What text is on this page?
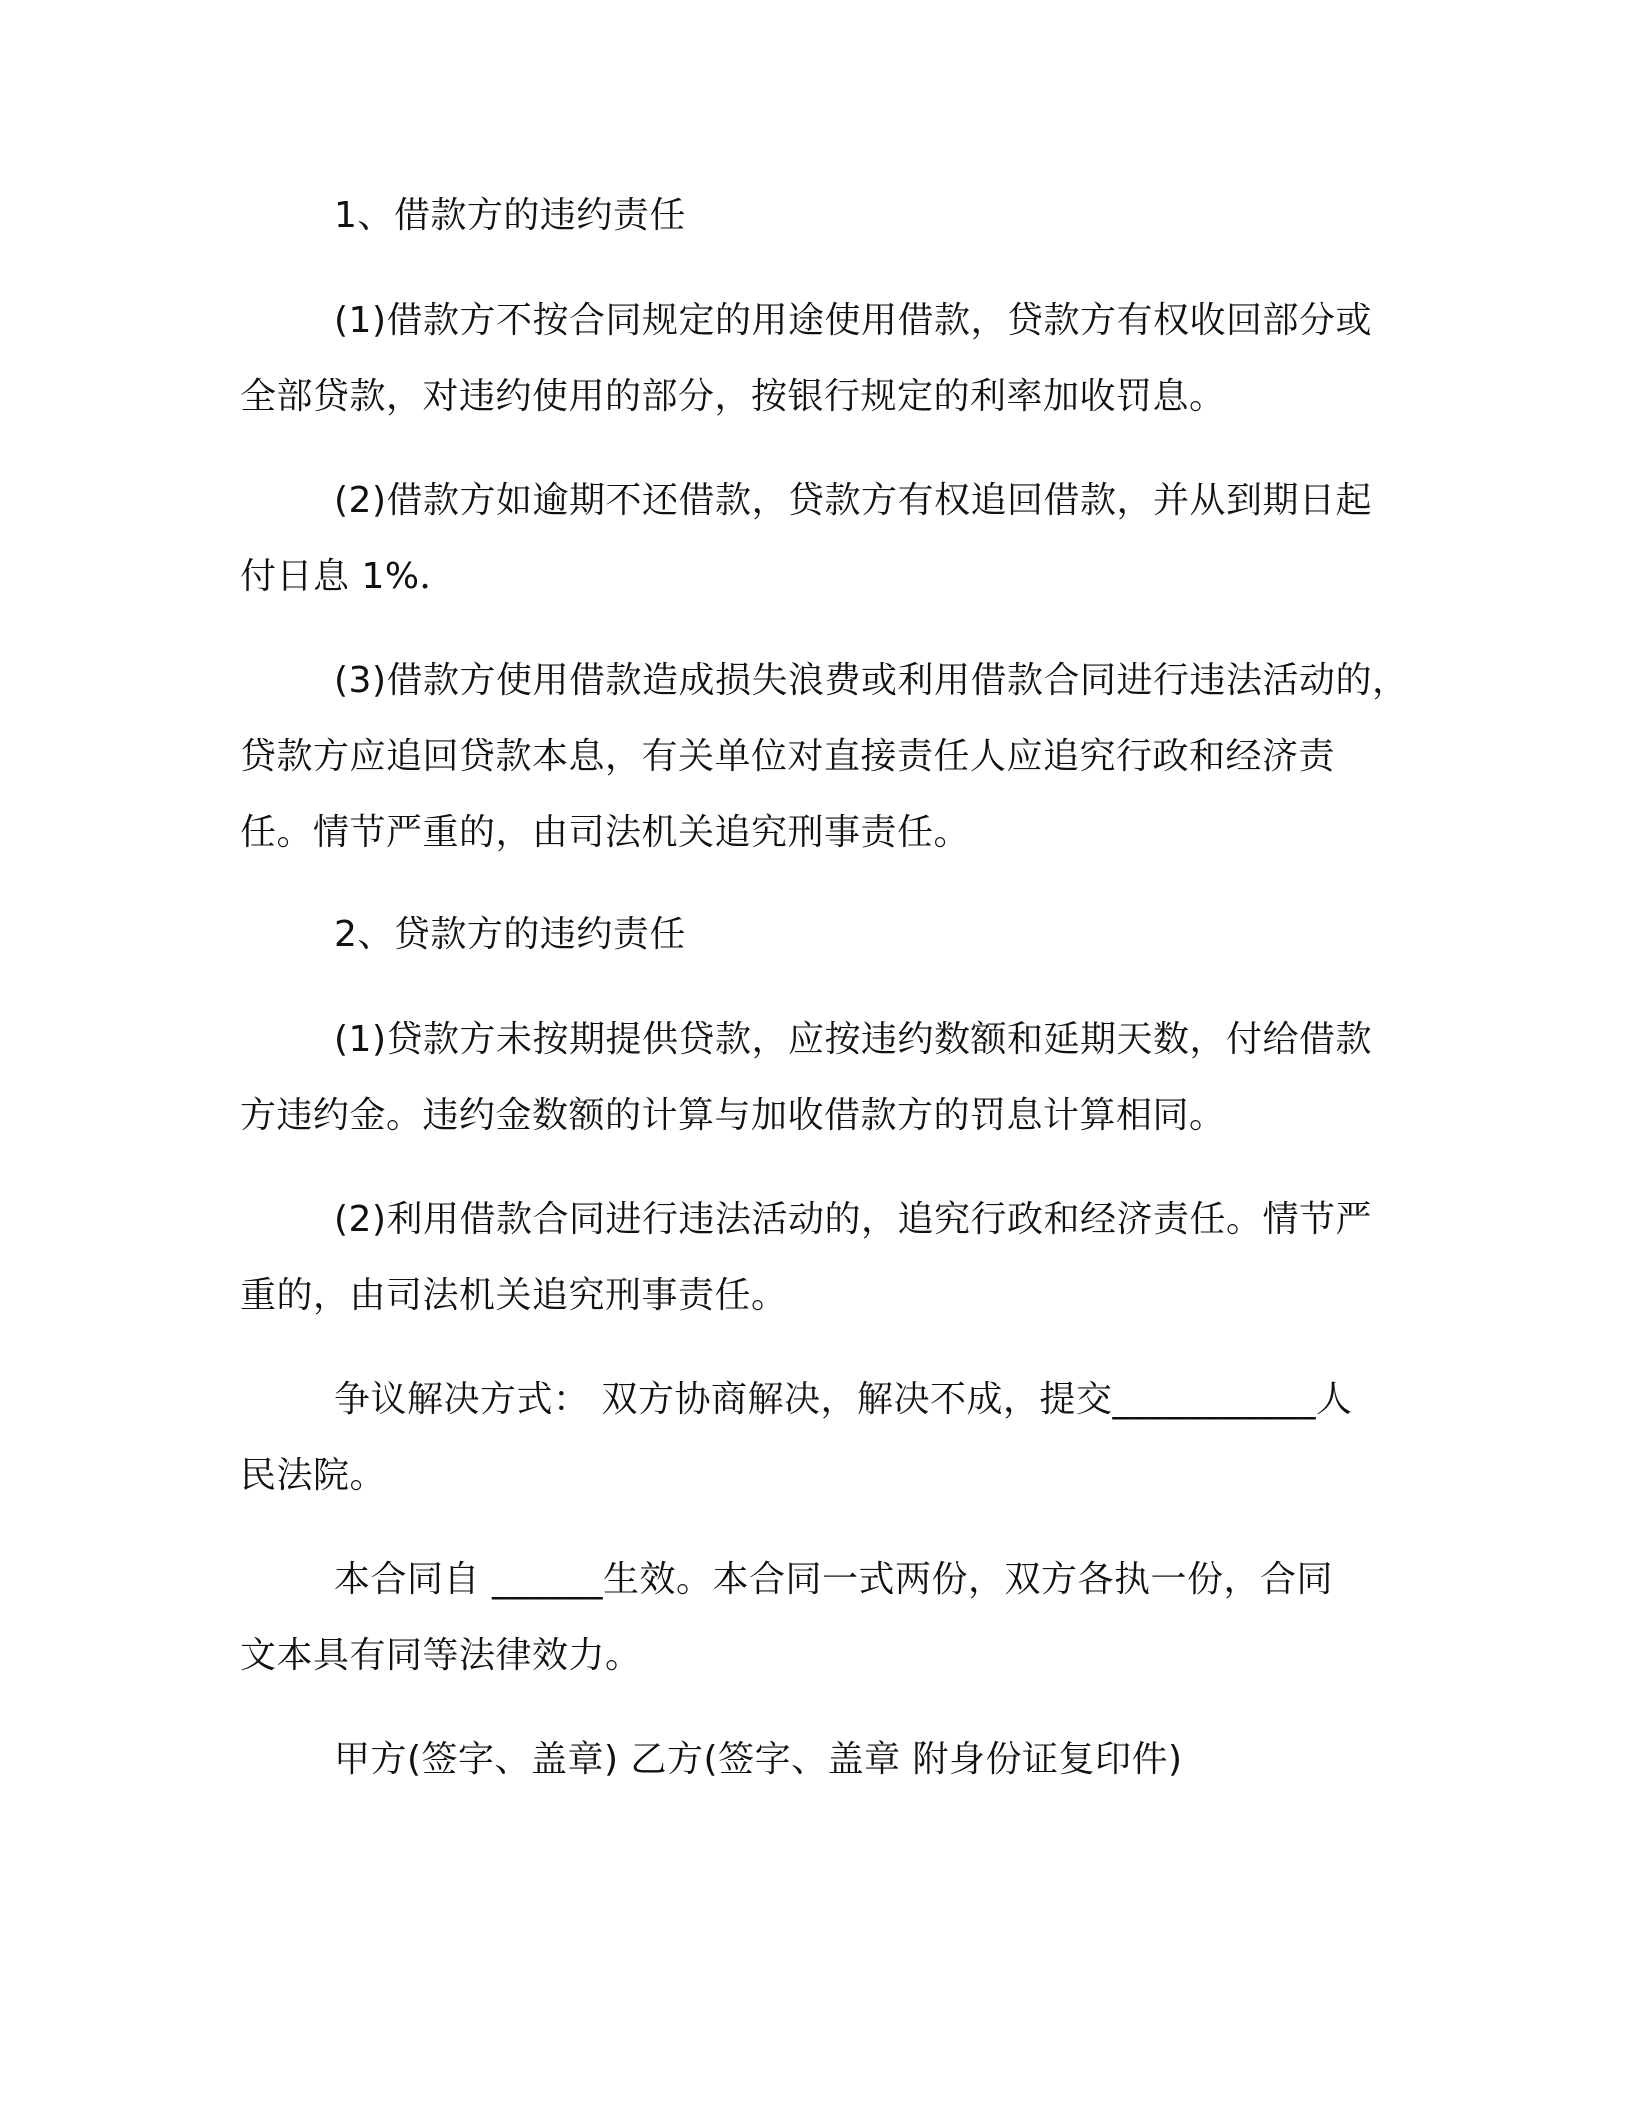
1、借款方的违约责任
(1)借款方不按合同规定的用途使用借款，贷款方有权收回部分或
全部贷款，对违约使用的部分，按银行规定的利率加收罚息。
(2)借款方如逾期不还借款，贷款方有权追回借款，并从到期日起
付日息 1%．
(3)借款方使用借款造成损失浪费或利用借款合同进行违法活动的，
贷款方应追回贷款本息，有关单位对直接责任人应追究行政和经济责
任。情节严重的，由司法机关追究刑事责任。
2、贷款方的违约责任
(1)贷款方未按期提供贷款，应按违约数额和延期天数，付给借款
方违约金。违约金数额的计算与加收借款方的罚息计算相同。
(2)利用借款合同进行违法活动的，追究行政和经济责任。情节严
重的，由司法机关追究刑事责任。
争议解决方式： 双方协商解决，解决不成，提交___________人
民法院。
本合同自 ______生效。本合同一式两份，双方各执一份，合同
文本具有同等法律效力。
甲方(签字、盖章) 乙方(签字、盖章 附身份证复印件)
